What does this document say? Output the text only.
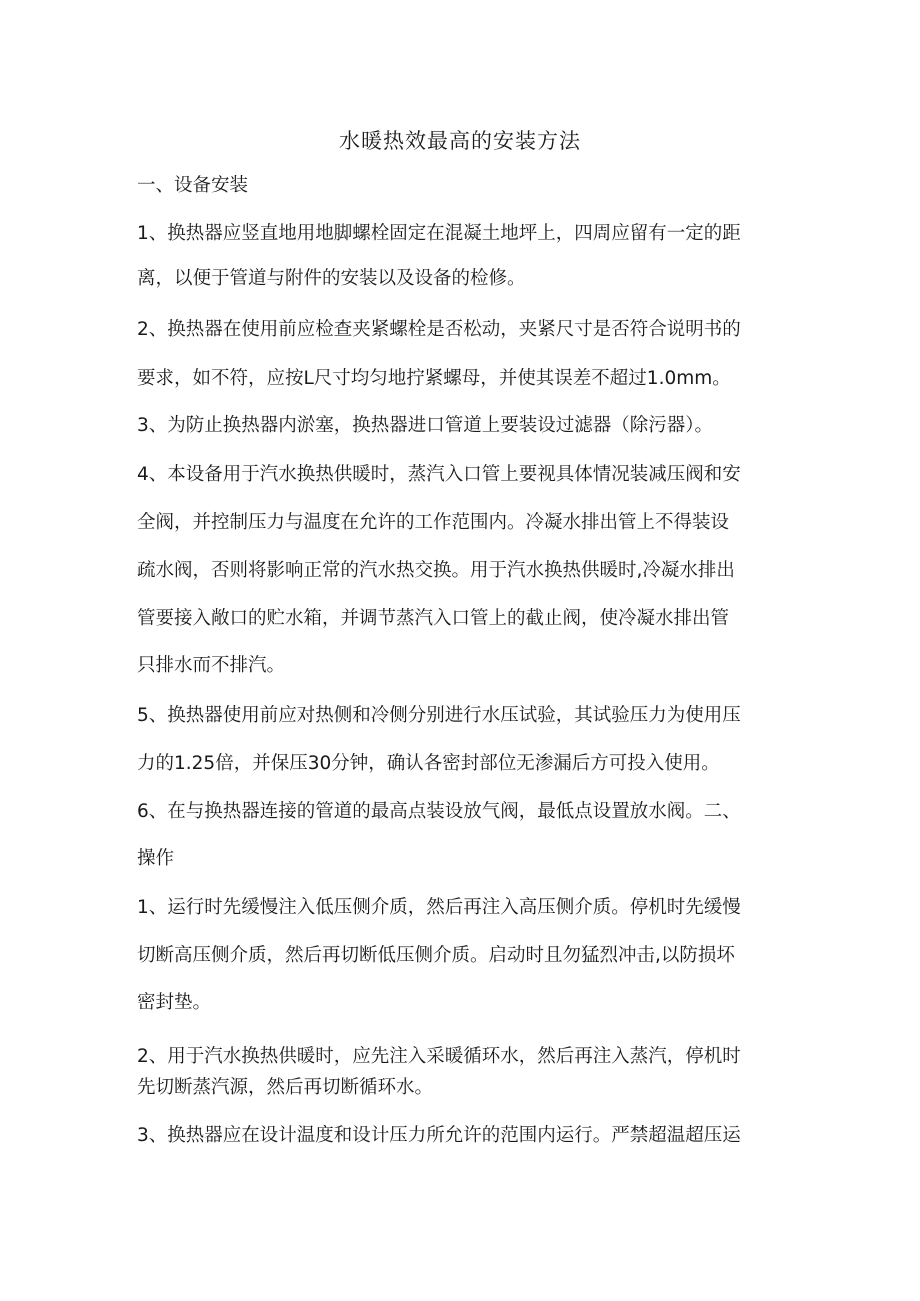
水暖热效最高的安装方法

一、设备安装

1、换热器应竖直地用地脚螺栓固定在混凝土地坪上，四周应留有一定的距

离，以便于管道与附件的安装以及设备的检修。

2、换热器在使用前应检查夹紧螺栓是否松动，夹紧尺寸是否符合说明书的

要求，如不符，应按L尺寸均匀地拧紧螺母，并使其误差不超过1.0mm。

3、为防止换热器内淤塞，换热器进口管道上要装设过滤器（除污器）。

4、本设备用于汽水换热供暖时，蒸汽入口管上要视具体情况装减压阀和安

全阀，并控制压力与温度在允许的工作范围内。冷凝水排出管上不得装设

疏水阀，否则将影响正常的汽水热交换。用于汽水换热供暖时,冷凝水排出

管要接入敞口的贮水箱，并调节蒸汽入口管上的截止阀，使冷凝水排出管

只排水而不排汽。

5、换热器使用前应对热侧和冷侧分别进行水压试验，其试验压力为使用压

力的1.25倍，并保压30分钟，确认各密封部位无渗漏后方可投入使用。

6、在与换热器连接的管道的最高点装设放气阀，最低点设置放水阀。二、

操作

1、运行时先缓慢注入低压侧介质，然后再注入高压侧介质。停机时先缓慢

切断高压侧介质，然后再切断低压侧介质。启动时且勿猛烈冲击,以防损坏

密封垫。

2、用于汽水换热供暖时，应先注入采暖循环水，然后再注入蒸汽，停机时

先切断蒸汽源，然后再切断循环水。

3、换热器应在设计温度和设计压力所允许的范围内运行。严禁超温超压运
